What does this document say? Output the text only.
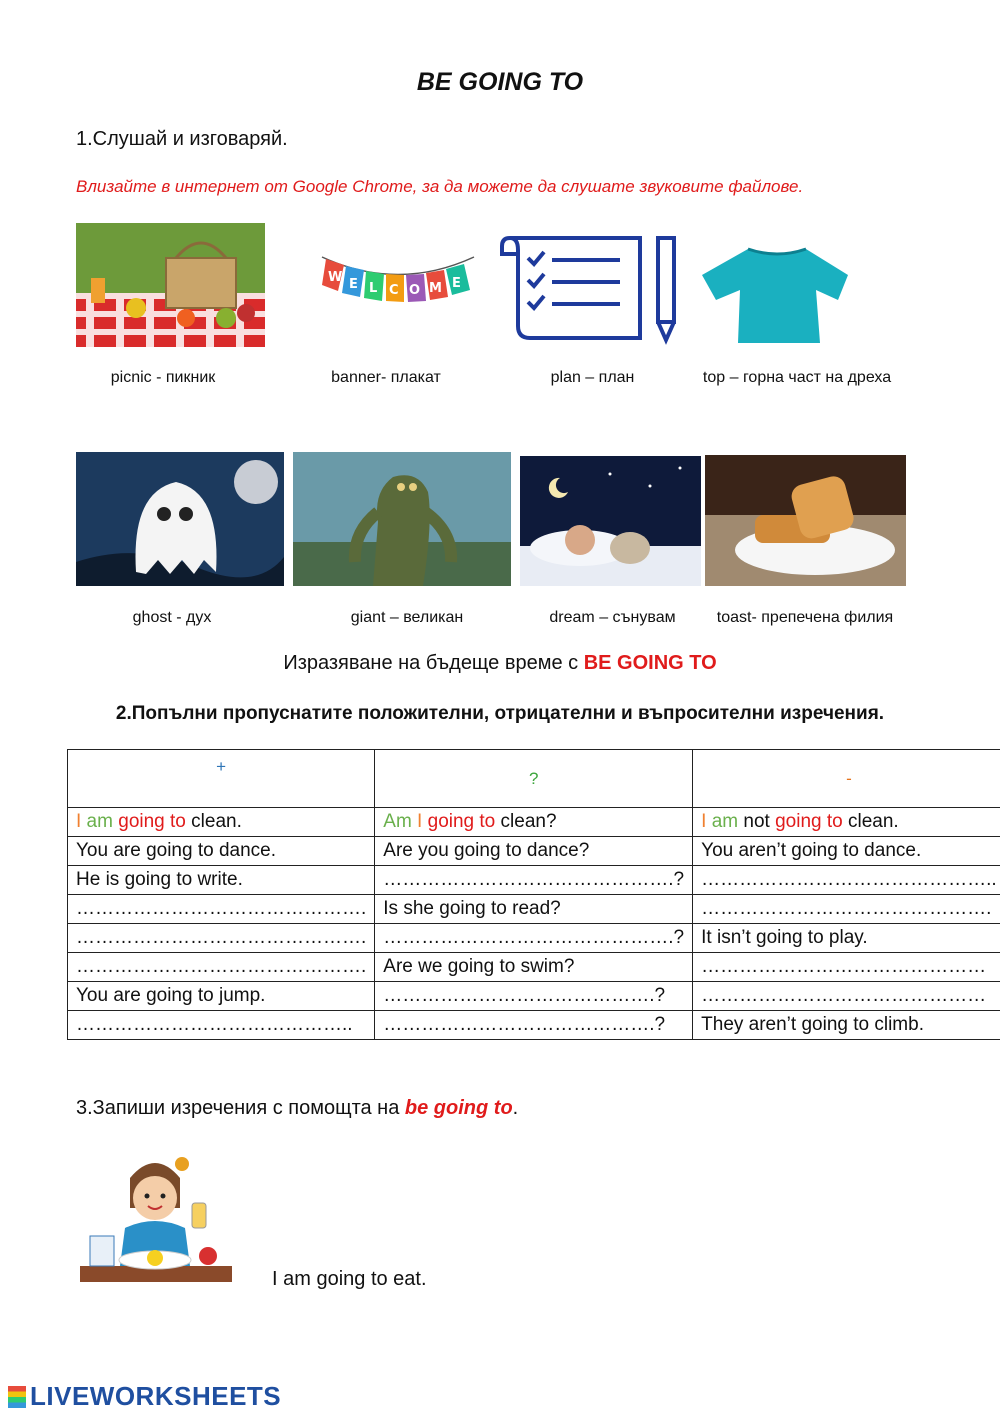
BE GOING TO
1.Слушай и изговаряй.
Влизайте в интернет от Google Chrome, за да можете да слушате звуковите файлове.
W E L C O M E
picnic - пикник	banner- плакат	plan – план	top – горна част на дреха
ghost - дух	giant – великан	dream – сънувам	toast- препечена филия
Изразяване на бъдеще време с BE GOING TO
2.Попълни пропуснатите положителни, отрицателни и въпросителни изречения.
+	?	-
I am going to clean.	Am I going to clean?	I am not going to clean.
You are going to dance.	Are you going to dance?	You aren’t going to dance.
He is going to write.	……………………………………….?	………………………………………..
……………………………………….	Is she going to read?	……………………………………….
……………………………………….	……………………………………….?	It isn’t going to play.
……………………………………….	Are we going to swim?	………………………………………
You are going to jump.	…………………………………….?	………………………………………
……………………………………..	…………………………………….?	They aren’t going to climb.
3.Запиши изречения с помощта на be going to.
I am going to eat.
LIVEWORKSHEETS
